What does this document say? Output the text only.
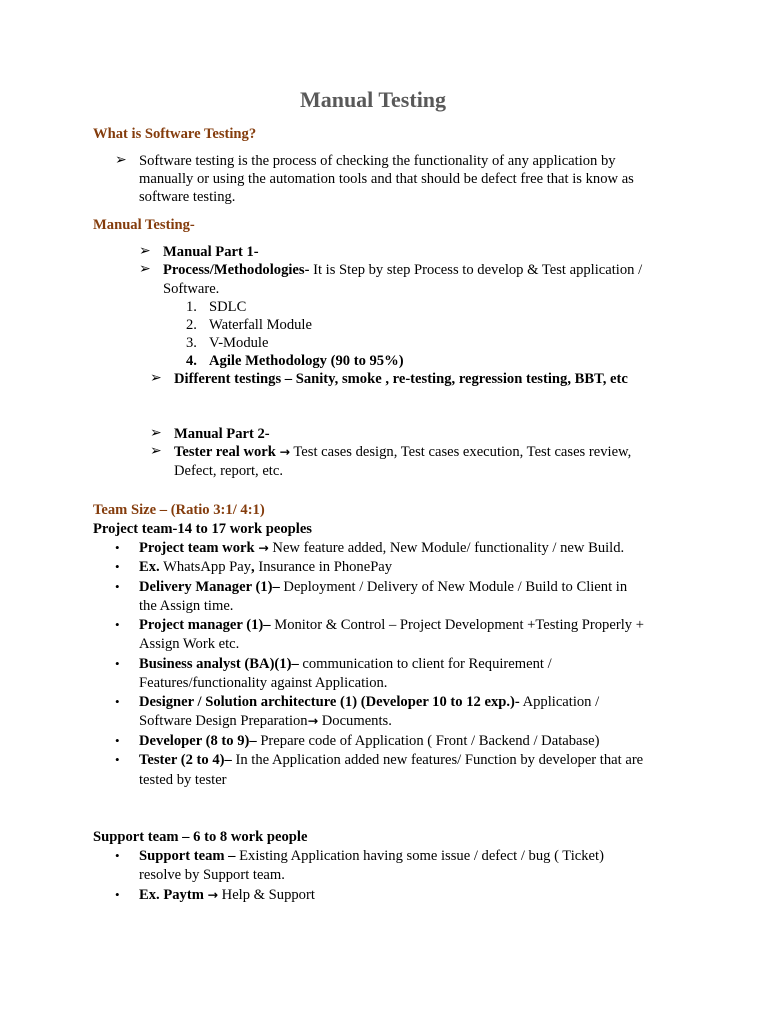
Manual Testing
What is Software Testing?
➢ Software testing is the process of checking the functionality of any application by
manually or using the automation tools and that should be defect free that is know as
software testing.
Manual Testing-
➢ Manual Part 1-
➢ Process/Methodologies- It is Step by step Process to develop & Test application /
Software.
1. SDLC
2. Waterfall Module
3. V-Module
4. Agile Methodology (90 to 95%)
➢ Different testings – Sanity, smoke , re-testing, regression testing, BBT, etc
➢ Manual Part 2-
➢ Tester real work → Test cases design, Test cases execution, Test cases review,
Defect, report, etc.
Team Size – (Ratio 3:1/ 4:1)
Project team-14 to 17 work peoples
• Project team work → New feature added, New Module/ functionality / new Build.
• Ex. WhatsApp Pay, Insurance in PhonePay
• Delivery Manager (1)– Deployment / Delivery of New Module / Build to Client in
the Assign time.
• Project manager (1)– Monitor & Control – Project Development +Testing Properly +
Assign Work etc.
• Business analyst (BA)(1)– communication to client for Requirement /
Features/functionality against Application.
• Designer / Solution architecture (1) (Developer 10 to 12 exp.)- Application /
Software Design Preparation→ Documents.
• Developer (8 to 9)– Prepare code of Application ( Front / Backend / Database)
• Tester (2 to 4)– In the Application added new features/ Function by developer that are
tested by tester
Support team – 6 to 8 work people
• Support team – Existing Application having some issue / defect / bug ( Ticket)
resolve by Support team.
• Ex. Paytm → Help & Support
